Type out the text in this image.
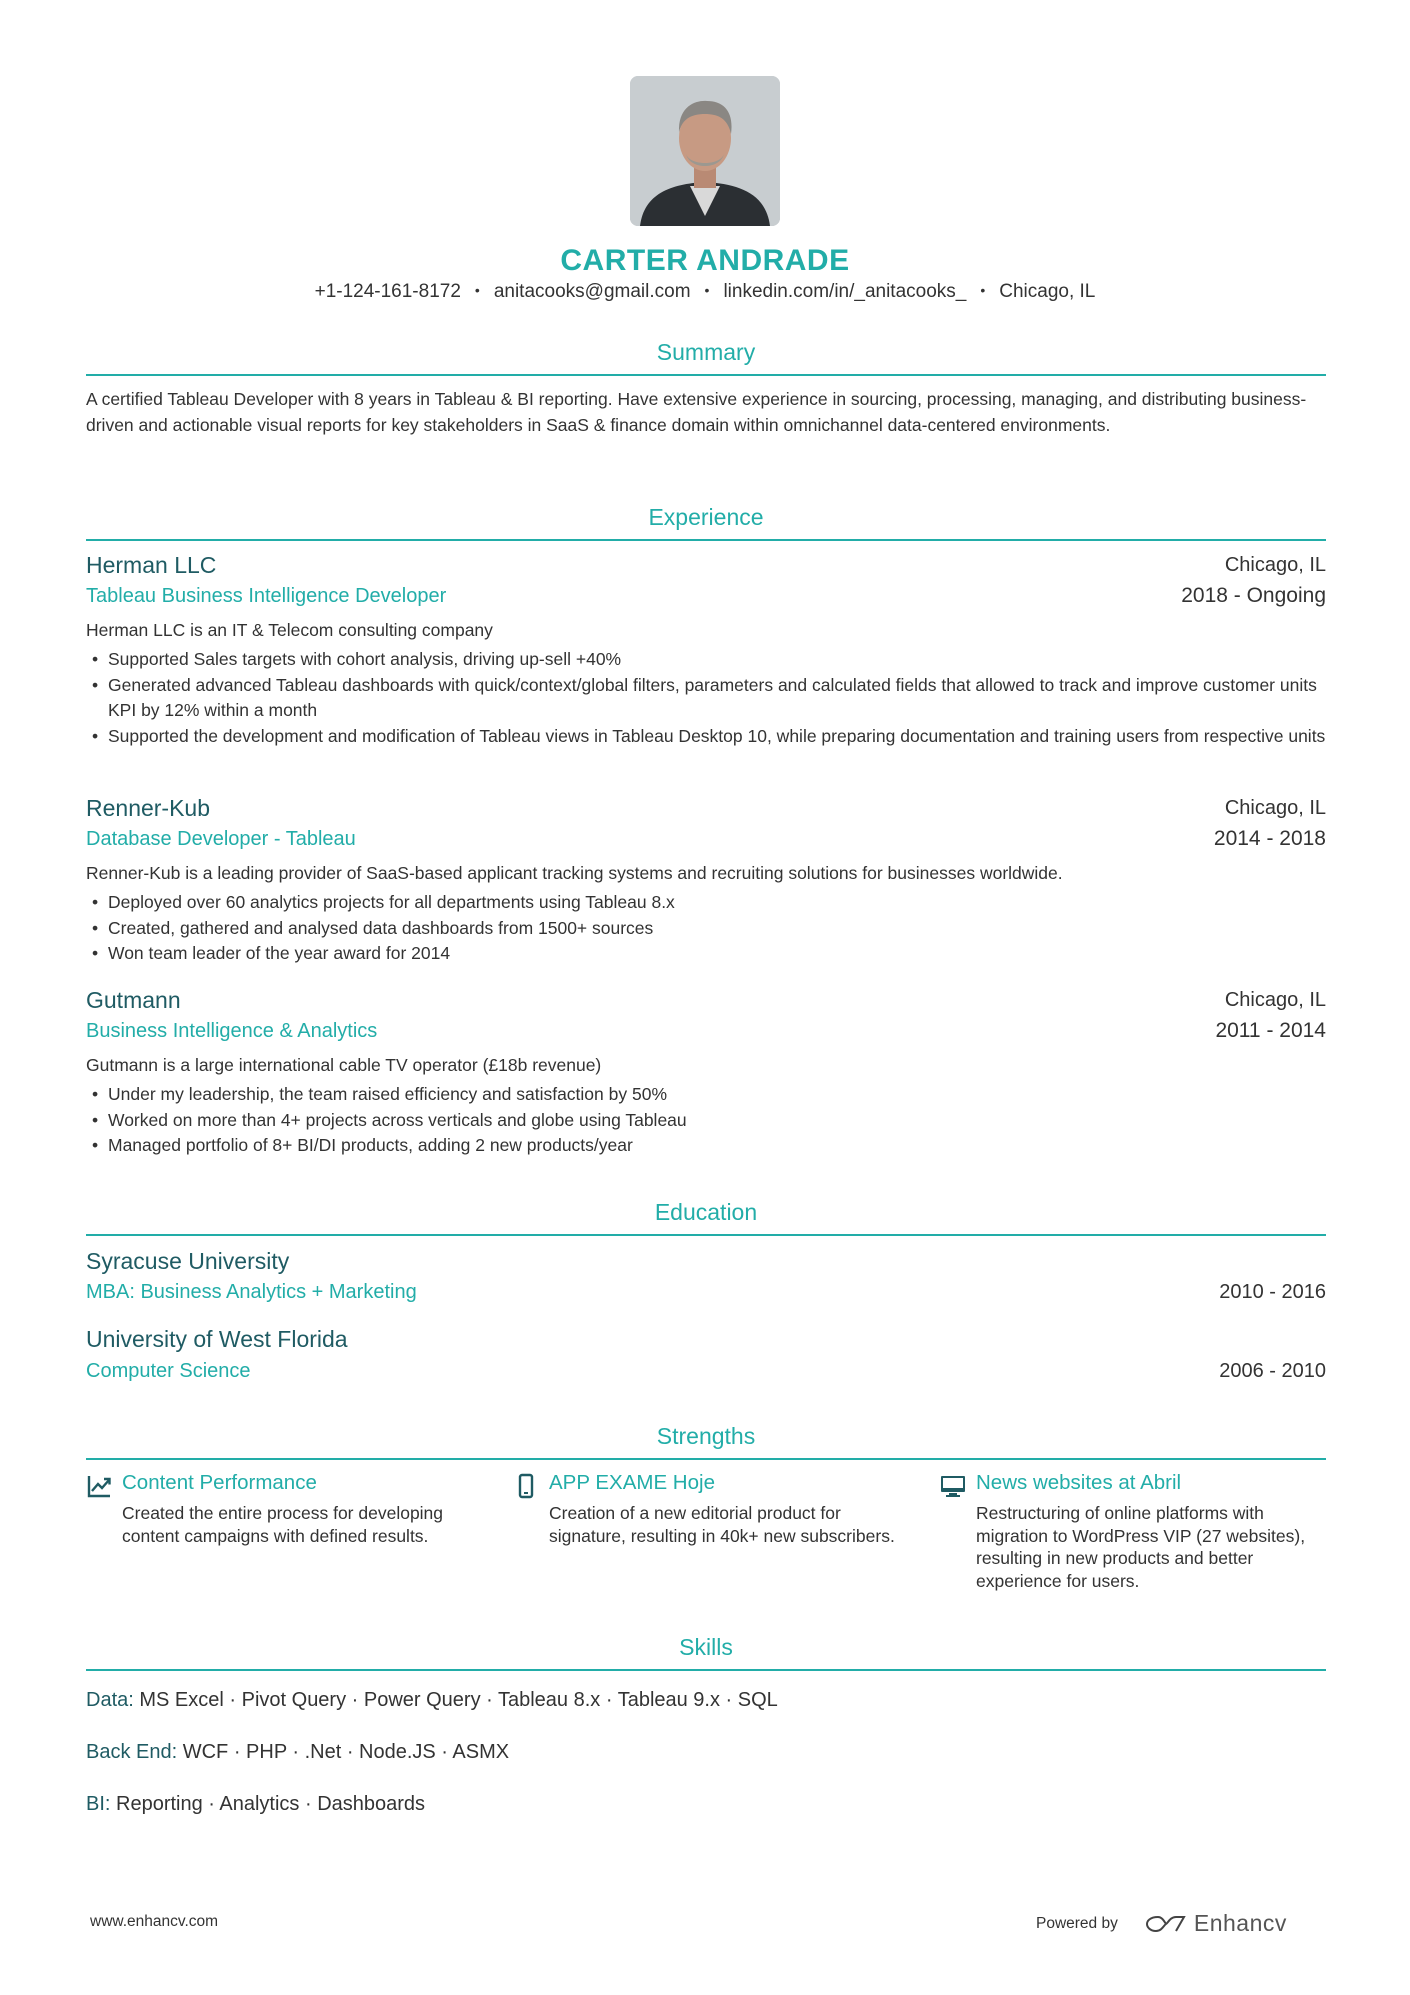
CARTER ANDRADE
+1-124-161-8172 • anitacooks@gmail.com • linkedin.com/in/_anitacooks_ • Chicago, IL
Summary
A certified Tableau Developer with 8 years in Tableau & BI reporting. Have extensive experience in sourcing, processing, managing, and distributing business-driven and actionable visual reports for key stakeholders in SaaS & finance domain within omnichannel data-centered environments.
Experience
Herman LLC	Chicago, IL
Tableau Business Intelligence Developer	2018 - Ongoing
Herman LLC is an IT & Telecom consulting company
• Supported Sales targets with cohort analysis, driving up-sell +40%
• Generated advanced Tableau dashboards with quick/context/global filters, parameters and calculated fields that allowed to track and improve customer units KPI by 12% within a month
• Supported the development and modification of Tableau views in Tableau Desktop 10, while preparing documentation and training users from respective units
Renner-Kub	Chicago, IL
Database Developer - Tableau	2014 - 2018
Renner-Kub is a leading provider of SaaS-based applicant tracking systems and recruiting solutions for businesses worldwide.
• Deployed over 60 analytics projects for all departments using Tableau 8.x
• Created, gathered and analysed data dashboards from 1500+ sources
• Won team leader of the year award for 2014
Gutmann	Chicago, IL
Business Intelligence & Analytics	2011 - 2014
Gutmann is a large international cable TV operator (£18b revenue)
• Under my leadership, the team raised efficiency and satisfaction by 50%
• Worked on more than 4+ projects across verticals and globe using Tableau
• Managed portfolio of 8+ BI/DI products, adding 2 new products/year
Education
Syracuse University
MBA: Business Analytics + Marketing	2010 - 2016
University of West Florida
Computer Science	2006 - 2010
Strengths
Content Performance
Created the entire process for developing content campaigns with defined results.
APP EXAME Hoje
Creation of a new editorial product for signature, resulting in 40k+ new subscribers.
News websites at Abril
Restructuring of online platforms with migration to WordPress VIP (27 websites), resulting in new products and better experience for users.
Skills
Data: MS Excel · Pivot Query · Power Query · Tableau 8.x · Tableau 9.x · SQL
Back End: WCF · PHP · .Net · Node.JS · ASMX
BI: Reporting · Analytics · Dashboards
www.enhancv.com	Powered by	Enhancv
